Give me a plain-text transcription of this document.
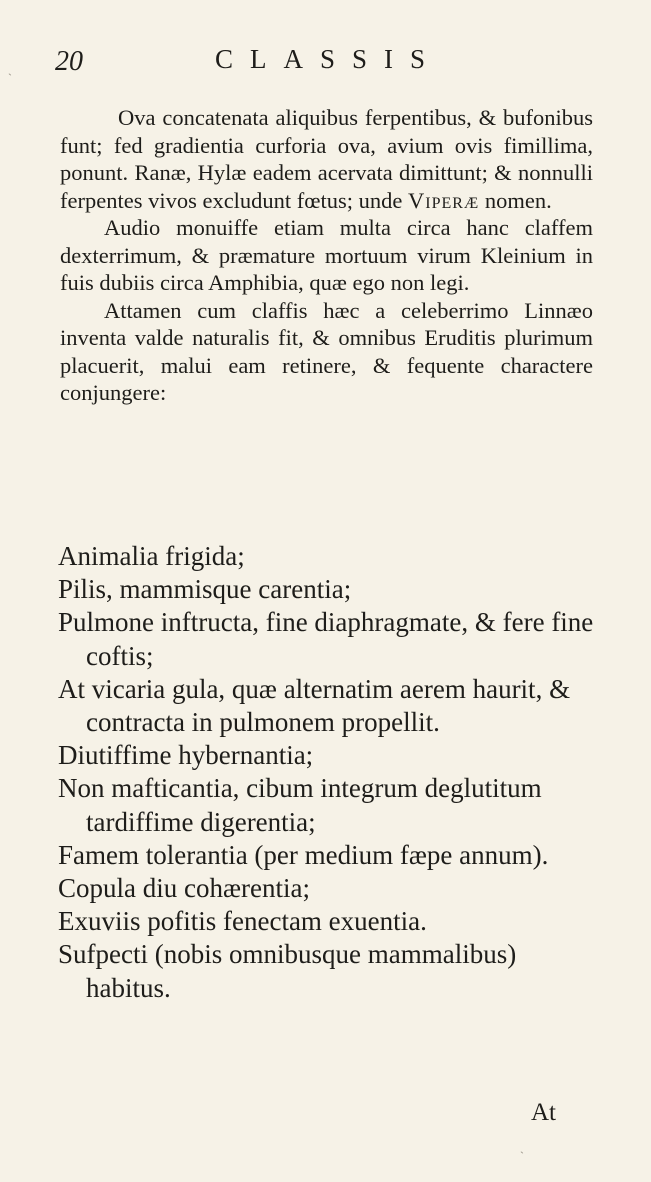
20	CLASSIS

Ova concatenata aliquibus ferpentibus, & bufonibus funt; fed gradientia curforia ova, avium ovis fimillima, ponunt. Ranæ, Hylæ eadem acervata dimittunt; & nonnulli ferpentes vivos excludunt fœtus; unde Viperæ nomen.

Audio monuiffe etiam multa circa hanc claffem dexterrimum, & præmature mortuum virum Kleinium in fuis dubiis circa Amphibia, quæ ego non legi.

Attamen cum claffis hæc a celeberrimo Linnæo inventa valde naturalis fit, & omnibus Eruditis plurimum placuerit, malui eam retinere, & fequente charactere conjungere:

Animalia frigida;
Pilis, mammisque carentia;
Pulmone inftructa, fine diaphragmate, & fere fine coftis;
At vicaria gula, quæ alternatim aerem haurit, & contracta in pulmonem propellit.
Diutiffime hybernantia;
Non mafticantia, cibum integrum deglutitum tardiffime digerentia;
Famem tolerantia (per medium fæpe annum).
Copula diu cohærentia;
Exuviis pofitis fenectam exuentia.
Sufpecti (nobis omnibusque mammalibus) habitus.
At
ˏ
ˏ
